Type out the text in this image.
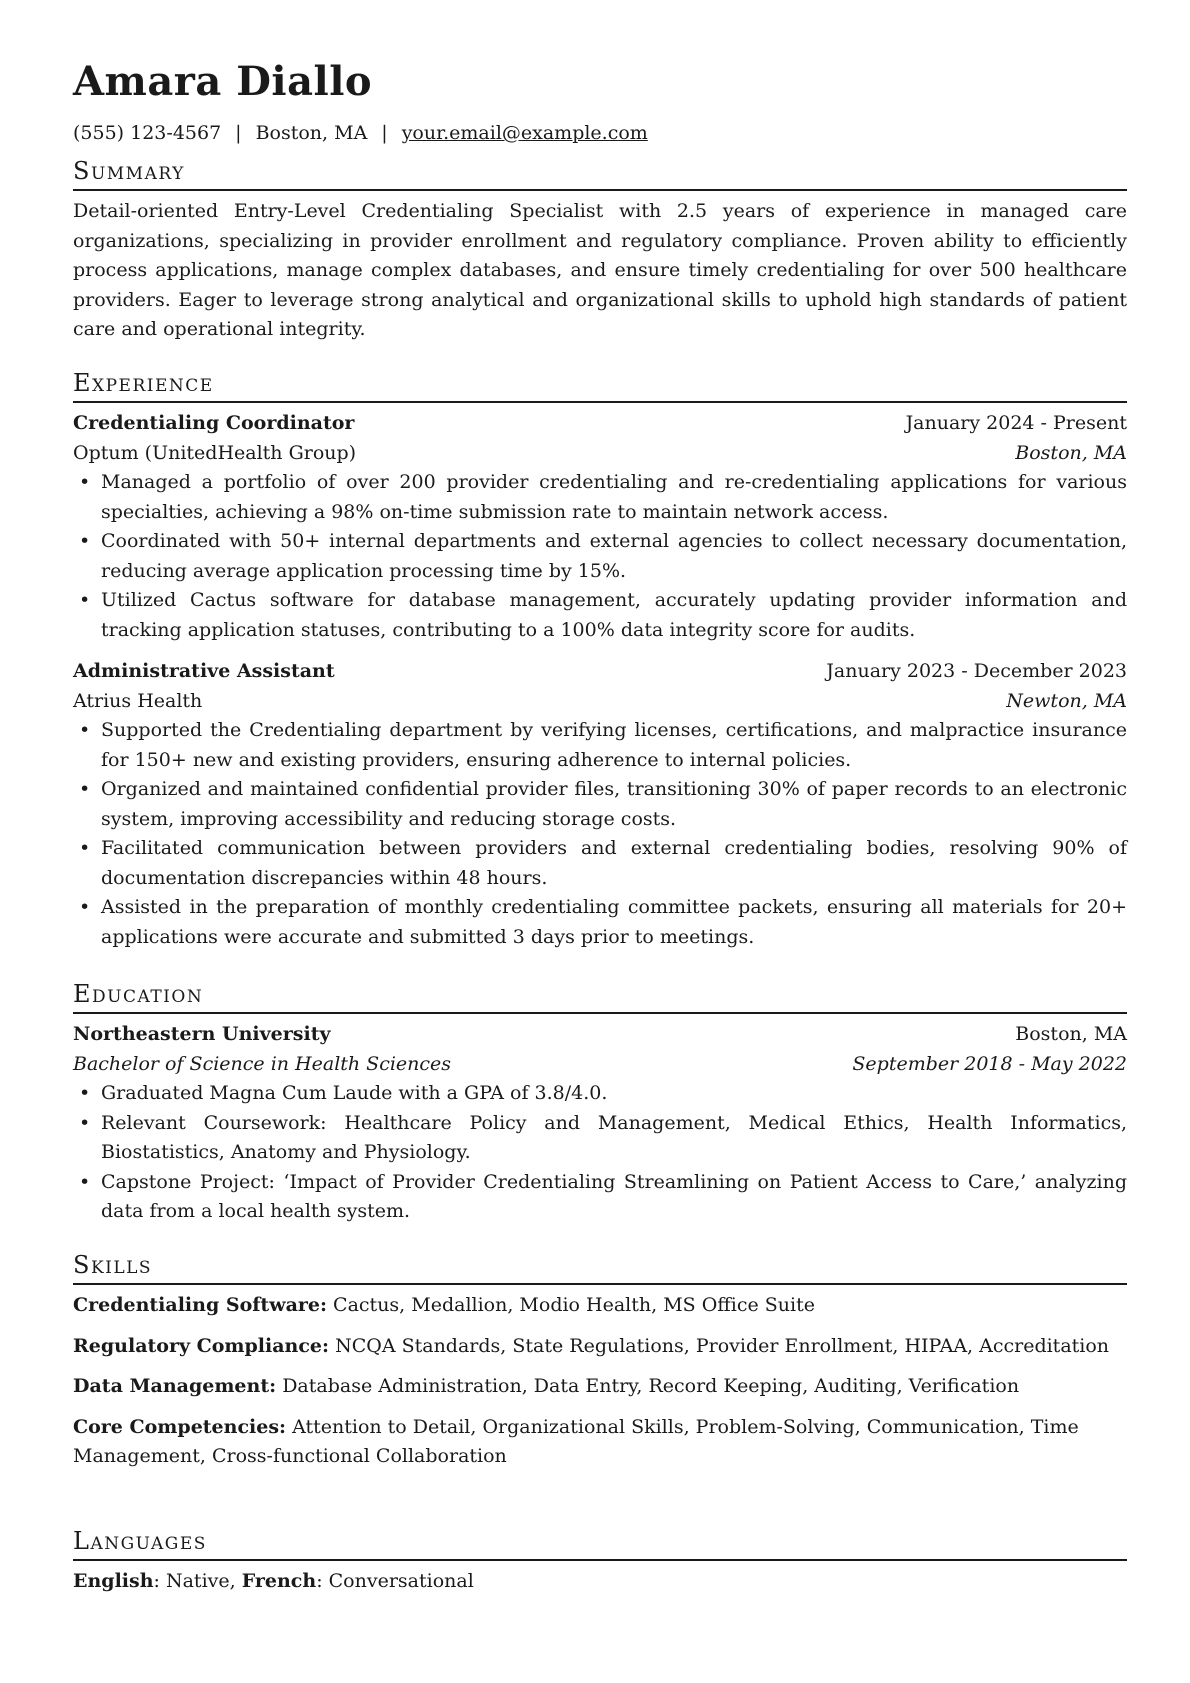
Amara Diallo
(555) 123-4567 | Boston, MA | your.email@example.com
Summary

Detail-oriented Entry-Level Credentialing Specialist with 2.5 years of experience in managed care organizations, specializing in provider enrollment and regulatory compliance. Proven ability to efficiently process applications, manage complex databases, and ensure timely credentialing for over 500 healthcare providers. Eager to leverage strong analytical and organizational skills to uphold high standards of patient care and operational integrity.

Experience
Credentialing Coordinator	January 2024 - Present
Optum (UnitedHealth Group)	Boston, MA
• Managed a portfolio of over 200 provider credentialing and re-credentialing applications for various specialties, achieving a 98% on-time submission rate to maintain network access.
• Coordinated with 50+ internal departments and external agencies to collect necessary documentation, reducing average application processing time by 15%.
• Utilized Cactus software for database management, accurately updating provider information and tracking application statuses, contributing to a 100% data integrity score for audits.
Administrative Assistant	January 2023 - December 2023
Atrius Health	Newton, MA
• Supported the Credentialing department by verifying licenses, certifications, and malpractice insurance for 150+ new and existing providers, ensuring adherence to internal policies.
• Organized and maintained confidential provider files, transitioning 30% of paper records to an electronic system, improving accessibility and reducing storage costs.
• Facilitated communication between providers and external credentialing bodies, resolving 90% of documentation discrepancies within 48 hours.
• Assisted in the preparation of monthly credentialing committee packets, ensuring all materials for 20+ applications were accurate and submitted 3 days prior to meetings.
Education
Northeastern University	Boston, MA
Bachelor of Science in Health Sciences	September 2018 - May 2022
• Graduated Magna Cum Laude with a GPA of 3.8/4.0.
• Relevant Coursework: Healthcare Policy and Management, Medical Ethics, Health Informatics, Biostatistics, Anatomy and Physiology.
• Capstone Project: ‘Impact of Provider Credentialing Streamlining on Patient Access to Care,’ analyzing data from a local health system.
Skills

Credentialing Software: Cactus, Medallion, Modio Health, MS Office Suite

Regulatory Compliance: NCQA Standards, State Regulations, Provider Enrollment, HIPAA, Accreditation

Data Management: Database Administration, Data Entry, Record Keeping, Auditing, Verification

Core Competencies: Attention to Detail, Organizational Skills, Problem-Solving, Communication, Time Management, Cross-functional Collaboration

Languages

English: Native, French: Conversational
